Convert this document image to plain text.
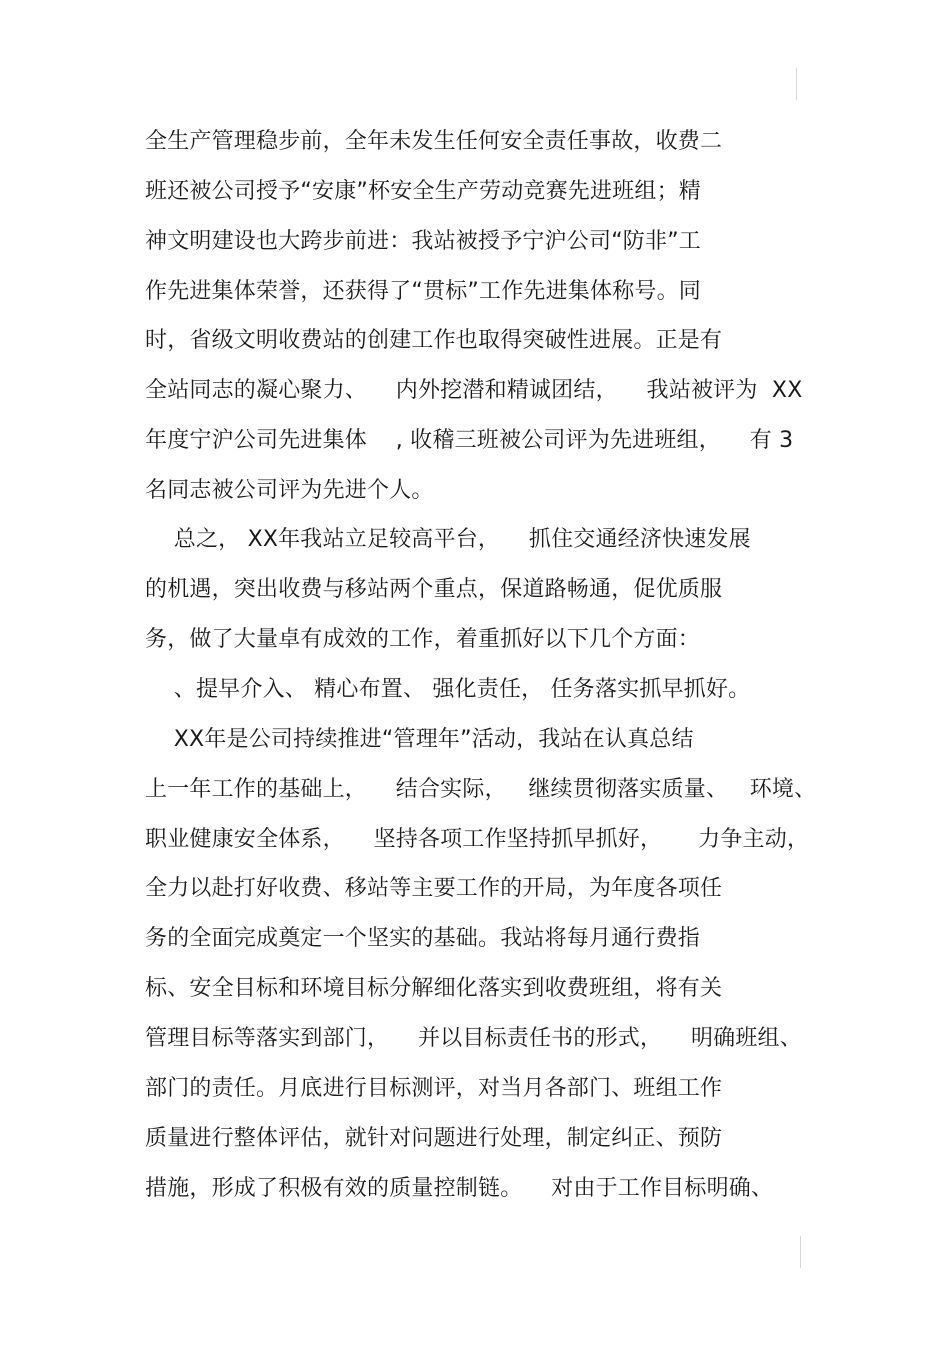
全生产管理稳步前，全年未发生任何安全责任事故，收费二
班还被公司授予“安康”杯安全生产劳动竞赛先进班组；精
神文明建设也大跨步前进：我站被授予宁沪公司“防非”工
作先进集体荣誉，还获得了“贯标”工作先进集体称号。同
时，省级文明收费站的创建工作也取得突破性进展。正是有
全站同志的凝心聚力、    内外挖潜和精诚团结，    我站被评为  XX
年度宁沪公司先进集体    , 收稽三班被公司评为先进班组，    有 3
名同志被公司评为先进个人。
总之， XX年我站立足较高平台，    抓住交通经济快速发展
的机遇，突出收费与移站两个重点，保道路畅通，促优质服
务，做了大量卓有成效的工作，着重抓好以下几个方面：
、提早介入、 精心布置、 强化责任， 任务落实抓早抓好。
XX年是公司持续推进“管理年”活动，我站在认真总结
上一年工作的基础上，    结合实际，   继续贯彻落实质量、   环境、
职业健康安全体系，    坚持各项工作坚持抓早抓好，     力争主动，
全力以赴打好收费、移站等主要工作的开局，为年度各项任
务的全面完成奠定一个坚实的基础。我站将每月通行费指
标、安全目标和环境目标分解细化落实到收费班组，将有关
管理目标等落实到部门，    并以目标责任书的形式，    明确班组、
部门的责任。月底进行目标测评，对当月各部门、班组工作
质量进行整体评估，就针对问题进行处理，制定纠正、预防
措施，形成了积极有效的质量控制链。    对由于工作目标明确、
